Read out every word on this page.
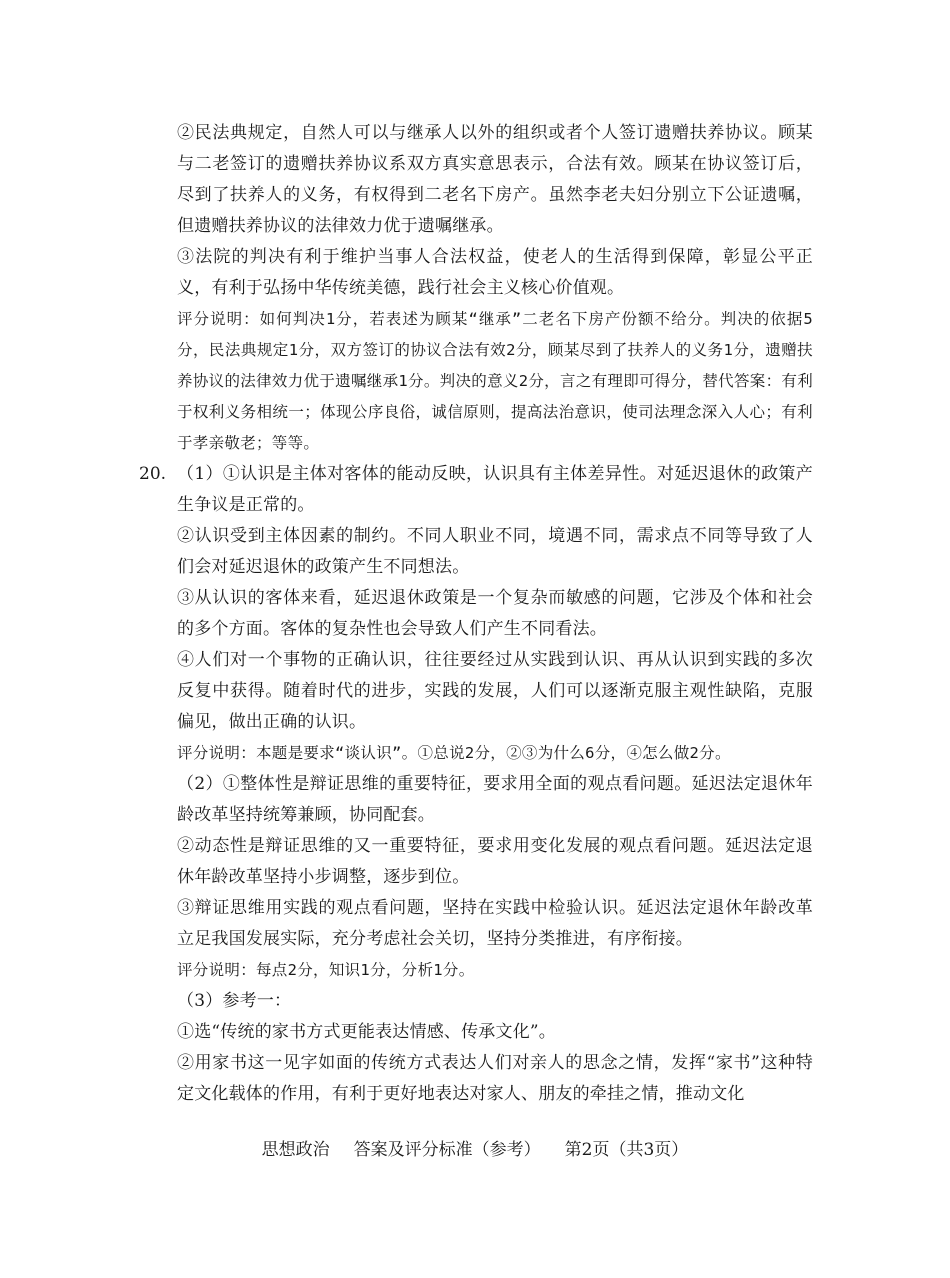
②民法典规定，自然人可以与继承人以外的组织或者个人签订遗赠扶养协议。顾某与二老签订的遗赠扶养协议系双方真实意思表示，合法有效。顾某在协议签订后，尽到了扶养人的义务，有权得到二老名下房产。虽然李老夫妇分别立下公证遗嘱，但遗赠扶养协议的法律效力优于遗嘱继承。

③法院的判决有利于维护当事人合法权益，使老人的生活得到保障，彰显公平正义，有利于弘扬中华传统美德，践行社会主义核心价值观。

评分说明：如何判决1分，若表述为顾某“继承”二老名下房产份额不给分。判决的依据5分，民法典规定1分，双方签订的协议合法有效2分，顾某尽到了扶养人的义务1分，遗赠扶养协议的法律效力优于遗嘱继承1分。判决的意义2分，言之有理即可得分，替代答案：有利于权利义务相统一；体现公序良俗，诚信原则，提高法治意识，使司法理念深入人心；有利于孝亲敬老；等等。

20. （1）①认识是主体对客体的能动反映，认识具有主体差异性。对延迟退休的政策产生争议是正常的。

②认识受到主体因素的制约。不同人职业不同，境遇不同，需求点不同等导致了人们会对延迟退休的政策产生不同想法。

③从认识的客体来看，延迟退休政策是一个复杂而敏感的问题，它涉及个体和社会的多个方面。客体的复杂性也会导致人们产生不同看法。

④人们对一个事物的正确认识，往往要经过从实践到认识、再从认识到实践的多次反复中获得。随着时代的进步，实践的发展，人们可以逐渐克服主观性缺陷，克服偏见，做出正确的认识。

评分说明：本题是要求“谈认识”。①总说2分，②③为什么6分，④怎么做2分。

（2）①整体性是辩证思维的重要特征，要求用全面的观点看问题。延迟法定退休年龄改革坚持统筹兼顾，协同配套。

②动态性是辩证思维的又一重要特征，要求用变化发展的观点看问题。延迟法定退休年龄改革坚持小步调整，逐步到位。

③辩证思维用实践的观点看问题，坚持在实践中检验认识。延迟法定退休年龄改革立足我国发展实际，充分考虑社会关切，坚持分类推进，有序衔接。

评分说明：每点2分，知识1分，分析1分。

（3）参考一：

①选“传统的家书方式更能表达情感、传承文化”。

②用家书这一见字如面的传统方式表达人们对亲人的思念之情，发挥“家书”这种特定文化载体的作用，有利于更好地表达对家人、朋友的牵挂之情，推动文化

思想政治 答案及评分标准（参考） 第2页（共3页）
